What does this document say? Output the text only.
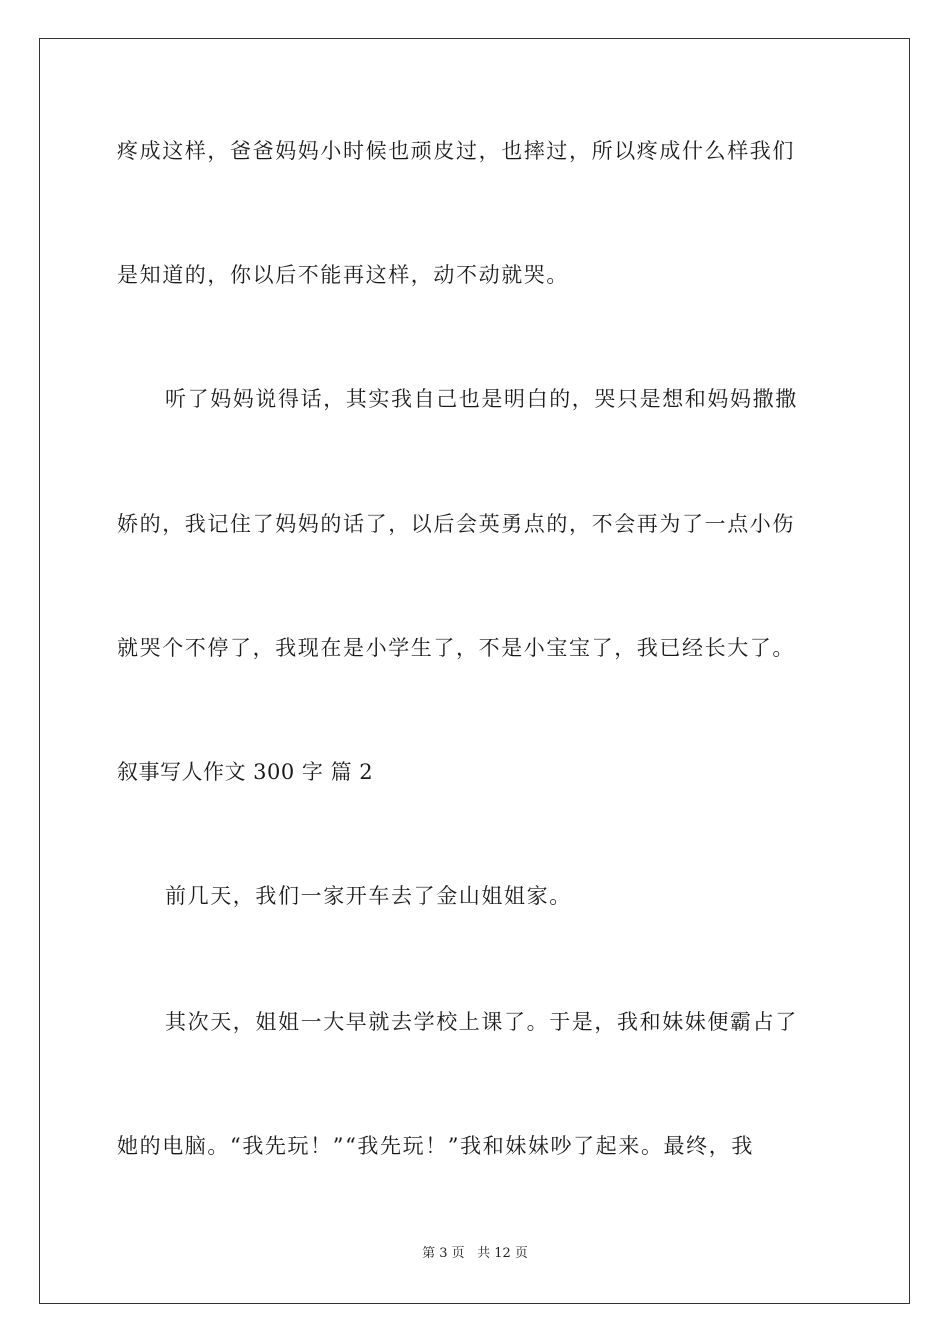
疼成这样，爸爸妈妈小时候也顽皮过，也摔过，所以疼成什么样我们
是知道的，你以后不能再这样，动不动就哭。
听了妈妈说得话，其实我自己也是明白的，哭只是想和妈妈撒撒
娇的，我记住了妈妈的话了，以后会英勇点的，不会再为了一点小伤
就哭个不停了，我现在是小学生了，不是小宝宝了，我已经长大了。
叙事写人作文 300 字 篇 2
前几天，我们一家开车去了金山姐姐家。
其次天，姐姐一大早就去学校上课了。于是，我和妹妹便霸占了
她的电脑。“我先玩！”“我先玩！”我和妹妹吵了起来。最终，我
第 3 页 共 12 页
